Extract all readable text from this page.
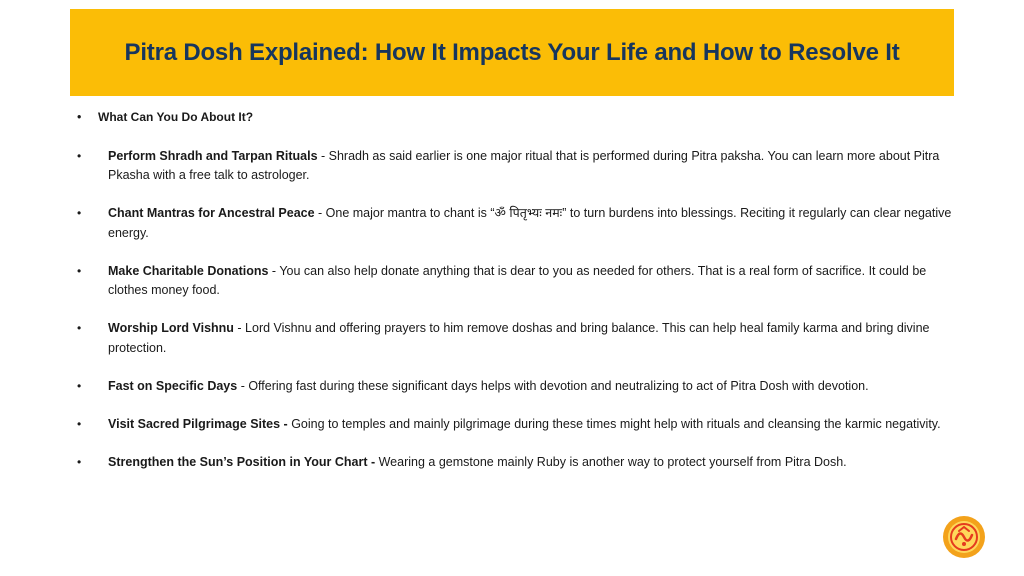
Pitra Dosh Explained: How It Impacts Your Life and How to Resolve It
•	What Can You Do About It?
•	Perform Shradh and Tarpan Rituals - Shradh as said earlier is one major ritual that is performed during Pitra paksha. You can learn more about Pitra Pkasha with a free talk to astrologer.
•	Chant Mantras for Ancestral Peace - One major mantra to chant is “ॐ पितृभ्यः नमः” to turn burdens into blessings. Reciting it regularly can clear negative energy.
•	Make Charitable Donations - You can also help donate anything that is dear to you as needed for others. That is a real form of sacrifice. It could be clothes money food.
•	Worship Lord Vishnu - Lord Vishnu and offering prayers to him remove doshas and bring balance. This can help heal family karma and bring divine protection.
•	Fast on Specific Days - Offering fast during these significant days helps with devotion and neutralizing to act of Pitra Dosh with devotion.
•	Visit Sacred Pilgrimage Sites - Going to temples and mainly pilgrimage during these times might help with rituals and cleansing the karmic negativity.
•	Strengthen the Sun’s Position in Your Chart - Wearing a gemstone mainly Ruby is another way to protect yourself from Pitra Dosh.
